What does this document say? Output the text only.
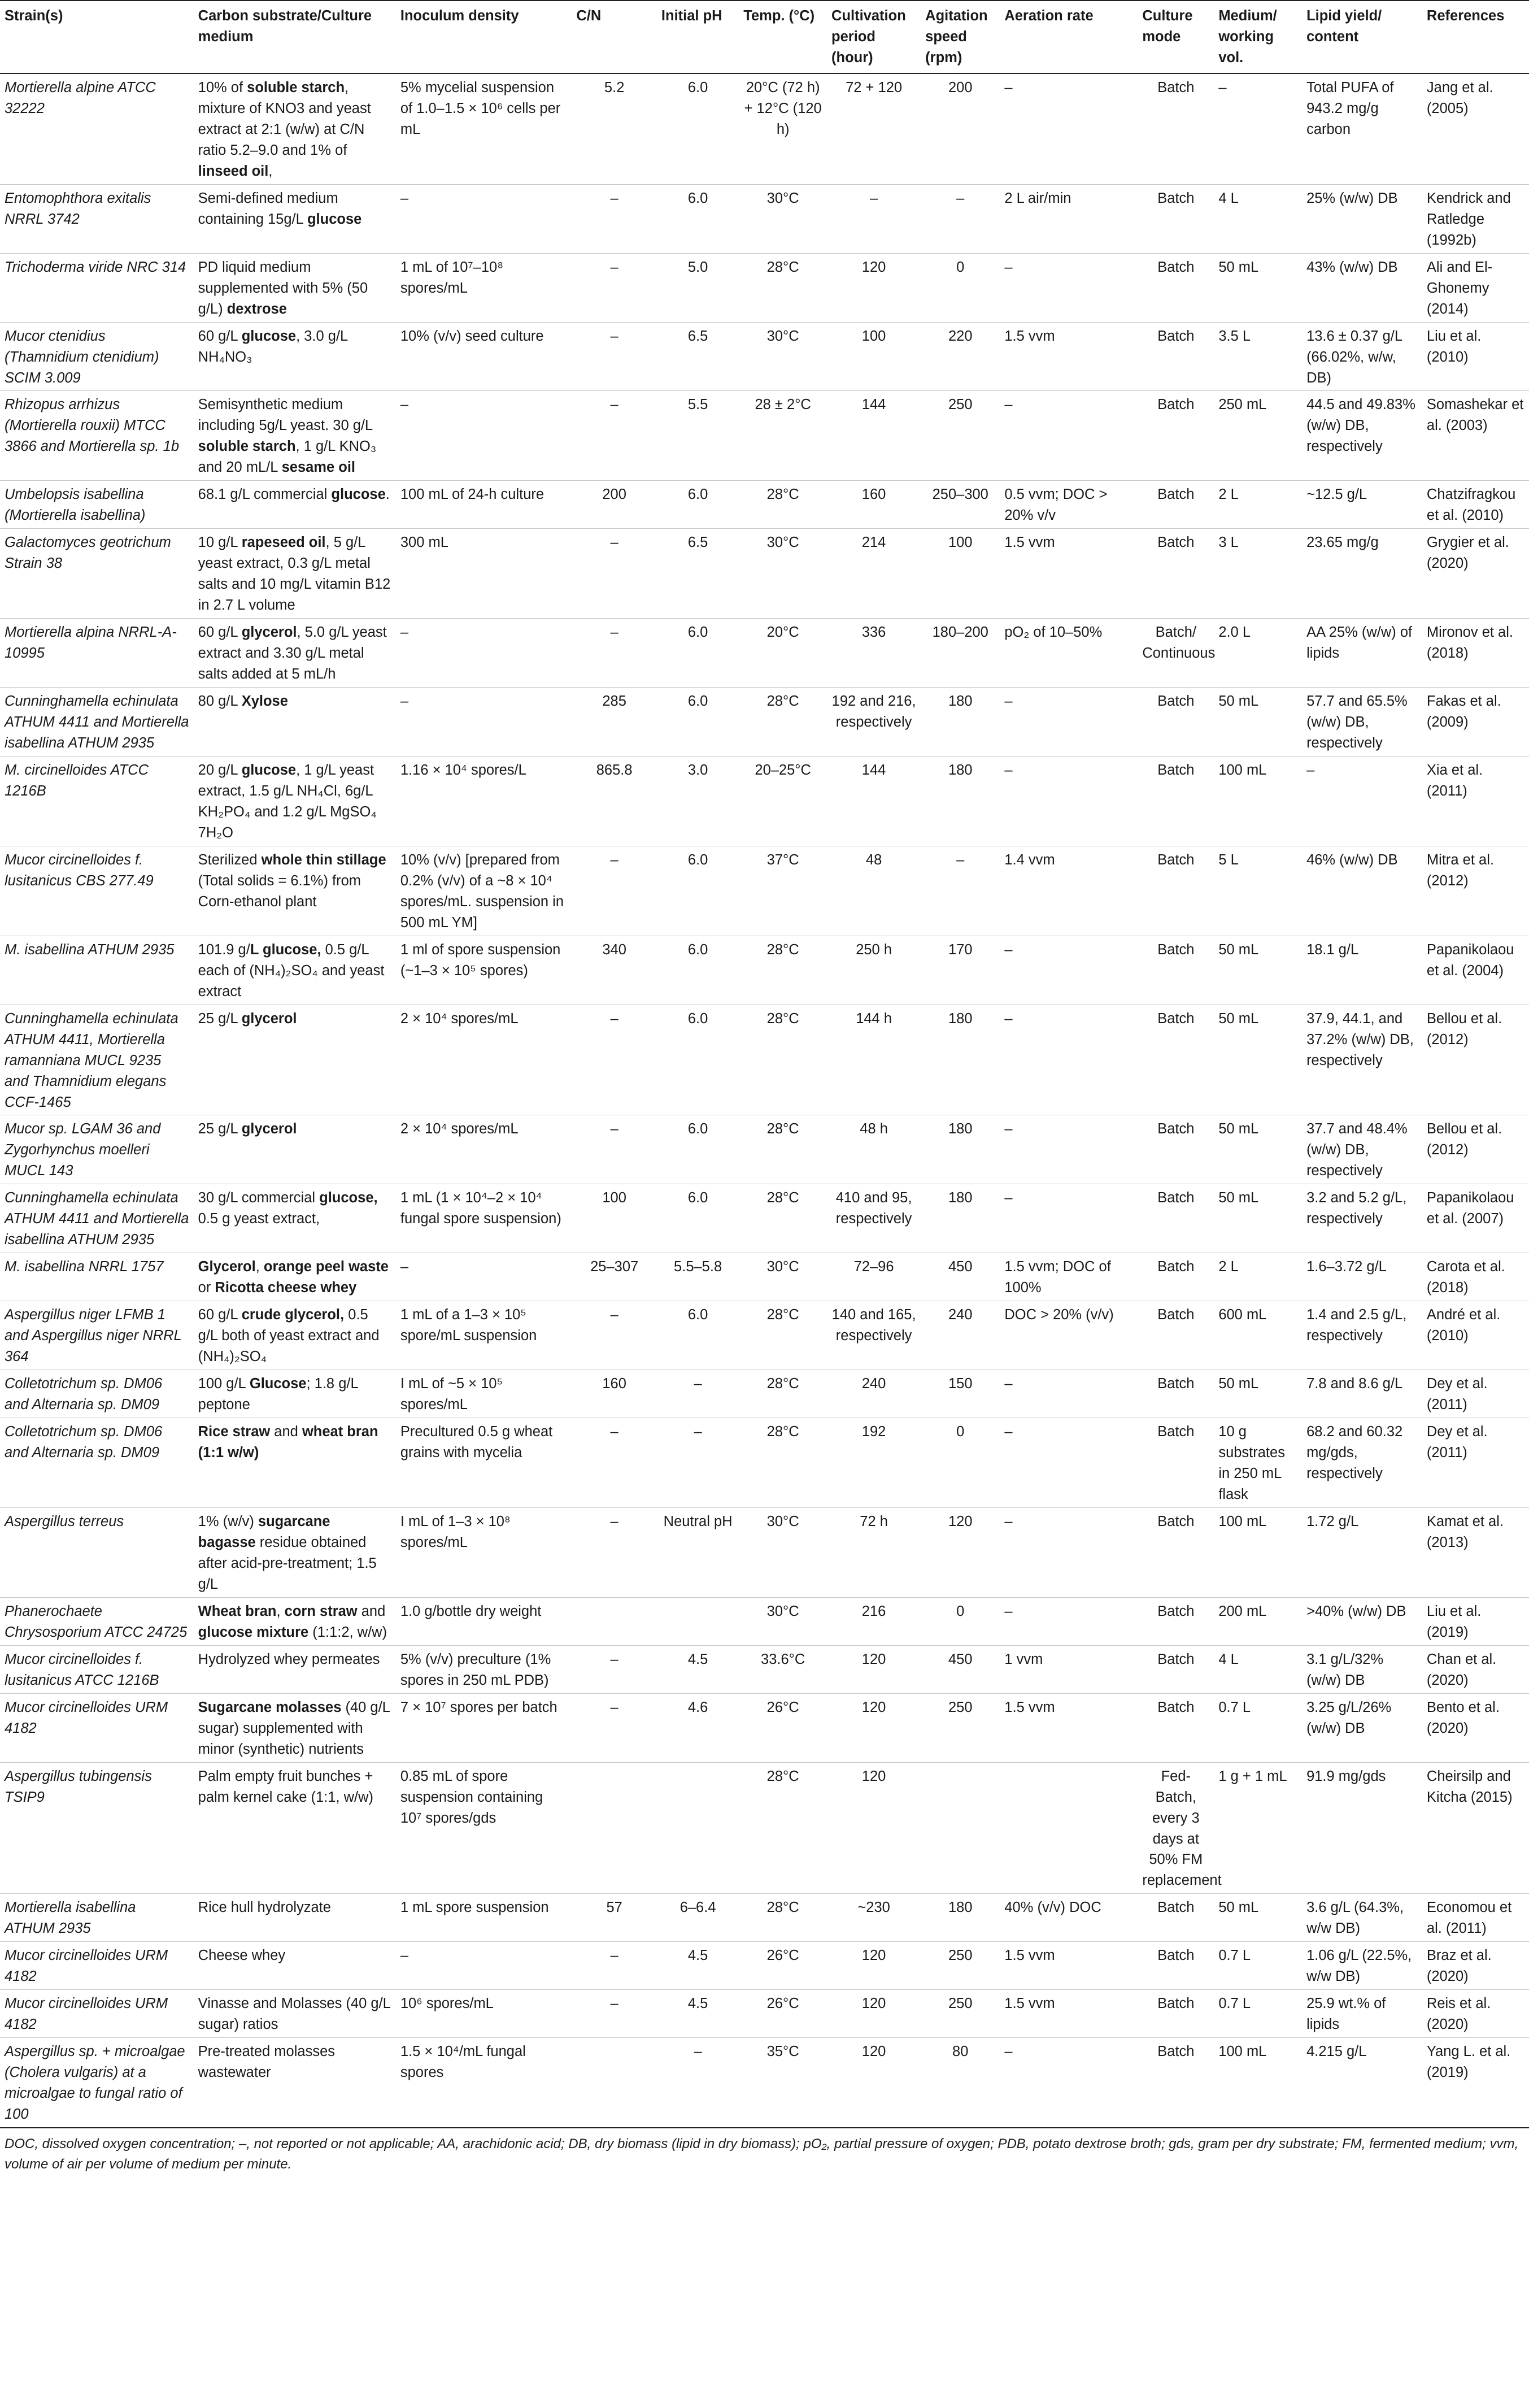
Strain(s)	Carbon substrate/Culture medium	Inoculum density	C/N	Initial pH	Temp. (°C)	Cultivation period (hour)	Agitation speed (rpm)	Aeration rate	Culture mode	Medium/ working vol.	Lipid yield/ content	References
Mortierella alpine ATCC 32222	10% of soluble starch, mixture of KNO3 and yeast extract at 2:1 (w/w) at C/N ratio 5.2–9.0 and 1% of linseed oil,	5% mycelial suspension of 1.0–1.5 × 10⁶ cells per mL	5.2	6.0	20°C (72 h) + 12°C (120 h)	72 + 120	200	–	Batch	–	Total PUFA of 943.2 mg/g carbon	Jang et al. (2005)
Entomophthora exitalis NRRL 3742	Semi-defined medium containing 15g/L glucose	–	–	6.0	30°C	–	–	2 L air/min	Batch	4 L	25% (w/w) DB	Kendrick and Ratledge (1992b)
Trichoderma viride NRC 314	PD liquid medium supplemented with 5% (50 g/L) dextrose	1 mL of 10⁷–10⁸ spores/mL	–	5.0	28°C	120	0	–	Batch	50 mL	43% (w/w) DB	Ali and El-Ghonemy (2014)
Mucor ctenidius (Thamnidium ctenidium) SCIM 3.009	60 g/L glucose, 3.0 g/L NH₄NO₃	10% (v/v) seed culture	–	6.5	30°C	100	220	1.5 vvm	Batch	3.5 L	13.6 ± 0.37 g/L (66.02%, w/w, DB)	Liu et al. (2010)
Rhizopus arrhizus (Mortierella rouxii) MTCC 3866 and Mortierella sp. 1b	Semisynthetic medium including 5g/L yeast. 30 g/L soluble starch, 1 g/L KNO₃ and 20 mL/L sesame oil	–	–	5.5	28 ± 2°C	144	250	–	Batch	250 mL	44.5 and 49.83% (w/w) DB, respectively	Somashekar et al. (2003)
Umbelopsis isabellina (Mortierella isabellina)	68.1 g/L commercial glucose.	100 mL of 24-h culture	200	6.0	28°C	160	250–300	0.5 vvm; DOC > 20% v/v	Batch	2 L	~12.5 g/L	Chatzifragkou et al. (2010)
Galactomyces geotrichum Strain 38	10 g/L rapeseed oil, 5 g/L yeast extract, 0.3 g/L metal salts and 10 mg/L vitamin B12 in 2.7 L volume	300 mL	–	6.5	30°C	214	100	1.5 vvm	Batch	3 L	23.65 mg/g	Grygier et al. (2020)
Mortierella alpina NRRL-A-10995	60 g/L glycerol, 5.0 g/L yeast extract and 3.30 g/L metal salts added at 5 mL/h	–	–	6.0	20°C	336	180–200	pO₂ of 10–50%	Batch/ Continuous	2.0 L	AA 25% (w/w) of lipids	Mironov et al. (2018)
Cunninghamella echinulata ATHUM 4411 and Mortierella isabellina ATHUM 2935	80 g/L Xylose	–	285	6.0	28°C	192 and 216, respectively	180	–	Batch	50 mL	57.7 and 65.5% (w/w) DB, respectively	Fakas et al. (2009)
M. circinelloides ATCC 1216B	20 g/L glucose, 1 g/L yeast extract, 1.5 g/L NH₄Cl, 6g/L KH₂PO₄ and 1.2 g/L MgSO₄ 7H₂O	1.16 × 10⁴ spores/L	865.8	3.0	20–25°C	144	180	–	Batch	100 mL	–	Xia et al. (2011)
Mucor circinelloides f. lusitanicus CBS 277.49	Sterilized whole thin stillage (Total solids = 6.1%) from Corn-ethanol plant	10% (v/v) [prepared from 0.2% (v/v) of a ~8 × 10⁴ spores/mL. suspension in 500 mL YM]	–	6.0	37°C	48	–	1.4 vvm	Batch	5 L	46% (w/w) DB	Mitra et al. (2012)
M. isabellina ATHUM 2935	101.9 g/L glucose, 0.5 g/L each of (NH₄)₂SO₄ and yeast extract	1 ml of spore suspension (~1–3 × 10⁵ spores)	340	6.0	28°C	250 h	170	–	Batch	50 mL	18.1 g/L	Papanikolaou et al. (2004)
Cunninghamella echinulata ATHUM 4411, Mortierella ramanniana MUCL 9235 and Thamnidium elegans CCF-1465	25 g/L glycerol	2 × 10⁴ spores/mL	–	6.0	28°C	144 h	180	–	Batch	50 mL	37.9, 44.1, and 37.2% (w/w) DB, respectively	Bellou et al. (2012)
Mucor sp. LGAM 36 and Zygorhynchus moelleri MUCL 143	25 g/L glycerol	2 × 10⁴ spores/mL	–	6.0	28°C	48 h	180	–	Batch	50 mL	37.7 and 48.4% (w/w) DB, respectively	Bellou et al. (2012)
Cunninghamella echinulata ATHUM 4411 and Mortierella isabellina ATHUM 2935	30 g/L commercial glucose, 0.5 g yeast extract,	1 mL (1 × 10⁴–2 × 10⁴ fungal spore suspension)	100	6.0	28°C	410 and 95, respectively	180	–	Batch	50 mL	3.2 and 5.2 g/L, respectively	Papanikolaou et al. (2007)
M. isabellina NRRL 1757	Glycerol, orange peel waste or Ricotta cheese whey	–	25–307	5.5–5.8	30°C	72–96	450	1.5 vvm; DOC of 100%	Batch	2 L	1.6–3.72 g/L	Carota et al. (2018)
Aspergillus niger LFMB 1 and Aspergillus niger NRRL 364	60 g/L crude glycerol, 0.5 g/L both of yeast extract and (NH₄)₂SO₄	1 mL of a 1–3 × 10⁵ spore/mL suspension	–	6.0	28°C	140 and 165, respectively	240	DOC > 20% (v/v)	Batch	600 mL	1.4 and 2.5 g/L, respectively	André et al. (2010)
Colletotrichum sp. DM06 and Alternaria sp. DM09	100 g/L Glucose; 1.8 g/L peptone	I mL of ~5 × 10⁵ spores/mL	160	–	28°C	240	150	–	Batch	50 mL	7.8 and 8.6 g/L	Dey et al. (2011)
Colletotrichum sp. DM06 and Alternaria sp. DM09	Rice straw and wheat bran (1:1 w/w)	Precultured 0.5 g wheat grains with mycelia	–	–	28°C	192	0	–	Batch	10 g substrates in 250 mL flask	68.2 and 60.32 mg/gds, respectively	Dey et al. (2011)
Aspergillus terreus	1% (w/v) sugarcane bagasse residue obtained after acid-pre-treatment; 1.5 g/L	I mL of 1–3 × 10⁸ spores/mL	–	Neutral pH	30°C	72 h	120	–	Batch	100 mL	1.72 g/L	Kamat et al. (2013)
Phanerochaete Chrysosporium ATCC 24725	Wheat bran, corn straw and glucose mixture (1:1:2, w/w)	1.0 g/bottle dry weight			30°C	216	0	–	Batch	200 mL	>40% (w/w) DB	Liu et al. (2019)
Mucor circinelloides f. lusitanicus ATCC 1216B	Hydrolyzed whey permeates	5% (v/v) preculture (1% spores in 250 mL PDB)	–	4.5	33.6°C	120	450	1 vvm	Batch	4 L	3.1 g/L/32% (w/w) DB	Chan et al. (2020)
Mucor circinelloides URM 4182	Sugarcane molasses (40 g/L sugar) supplemented with minor (synthetic) nutrients	7 × 10⁷ spores per batch	–	4.6	26°C	120	250	1.5 vvm	Batch	0.7 L	3.25 g/L/26% (w/w) DB	Bento et al. (2020)
Aspergillus tubingensis TSIP9	Palm empty fruit bunches + palm kernel cake (1:1, w/w)	0.85 mL of spore suspension containing 10⁷ spores/gds			28°C	120			Fed-Batch, every 3 days at 50% FM replacement	1 g + 1 mL	91.9 mg/gds	Cheirsilp and Kitcha (2015)
Mortierella isabellina ATHUM 2935	Rice hull hydrolyzate	1 mL spore suspension	57	6–6.4	28°C	~230	180	40% (v/v) DOC	Batch	50 mL	3.6 g/L (64.3%, w/w DB)	Economou et al. (2011)
Mucor circinelloides URM 4182	Cheese whey	–	–	4.5	26°C	120	250	1.5 vvm	Batch	0.7 L	1.06 g/L (22.5%, w/w DB)	Braz et al. (2020)
Mucor circinelloides URM 4182	Vinasse and Molasses (40 g/L sugar) ratios	10⁶ spores/mL	–	4.5	26°C	120	250	1.5 vvm	Batch	0.7 L	25.9 wt.% of lipids	Reis et al. (2020)
Aspergillus sp. + microalgae (Cholera vulgaris) at a microalgae to fungal ratio of 100	Pre-treated molasses wastewater	1.5 × 10⁴/mL fungal spores		–	35°C	120	80	–	Batch	100 mL	4.215 g/L	Yang L. et al. (2019)
DOC, dissolved oxygen concentration; –, not reported or not applicable; AA, arachidonic acid; DB, dry biomass (lipid in dry biomass); pO₂, partial pressure of oxygen; PDB, potato dextrose broth; gds, gram per dry substrate; FM, fermented medium; vvm, volume of air per volume of medium per minute.
